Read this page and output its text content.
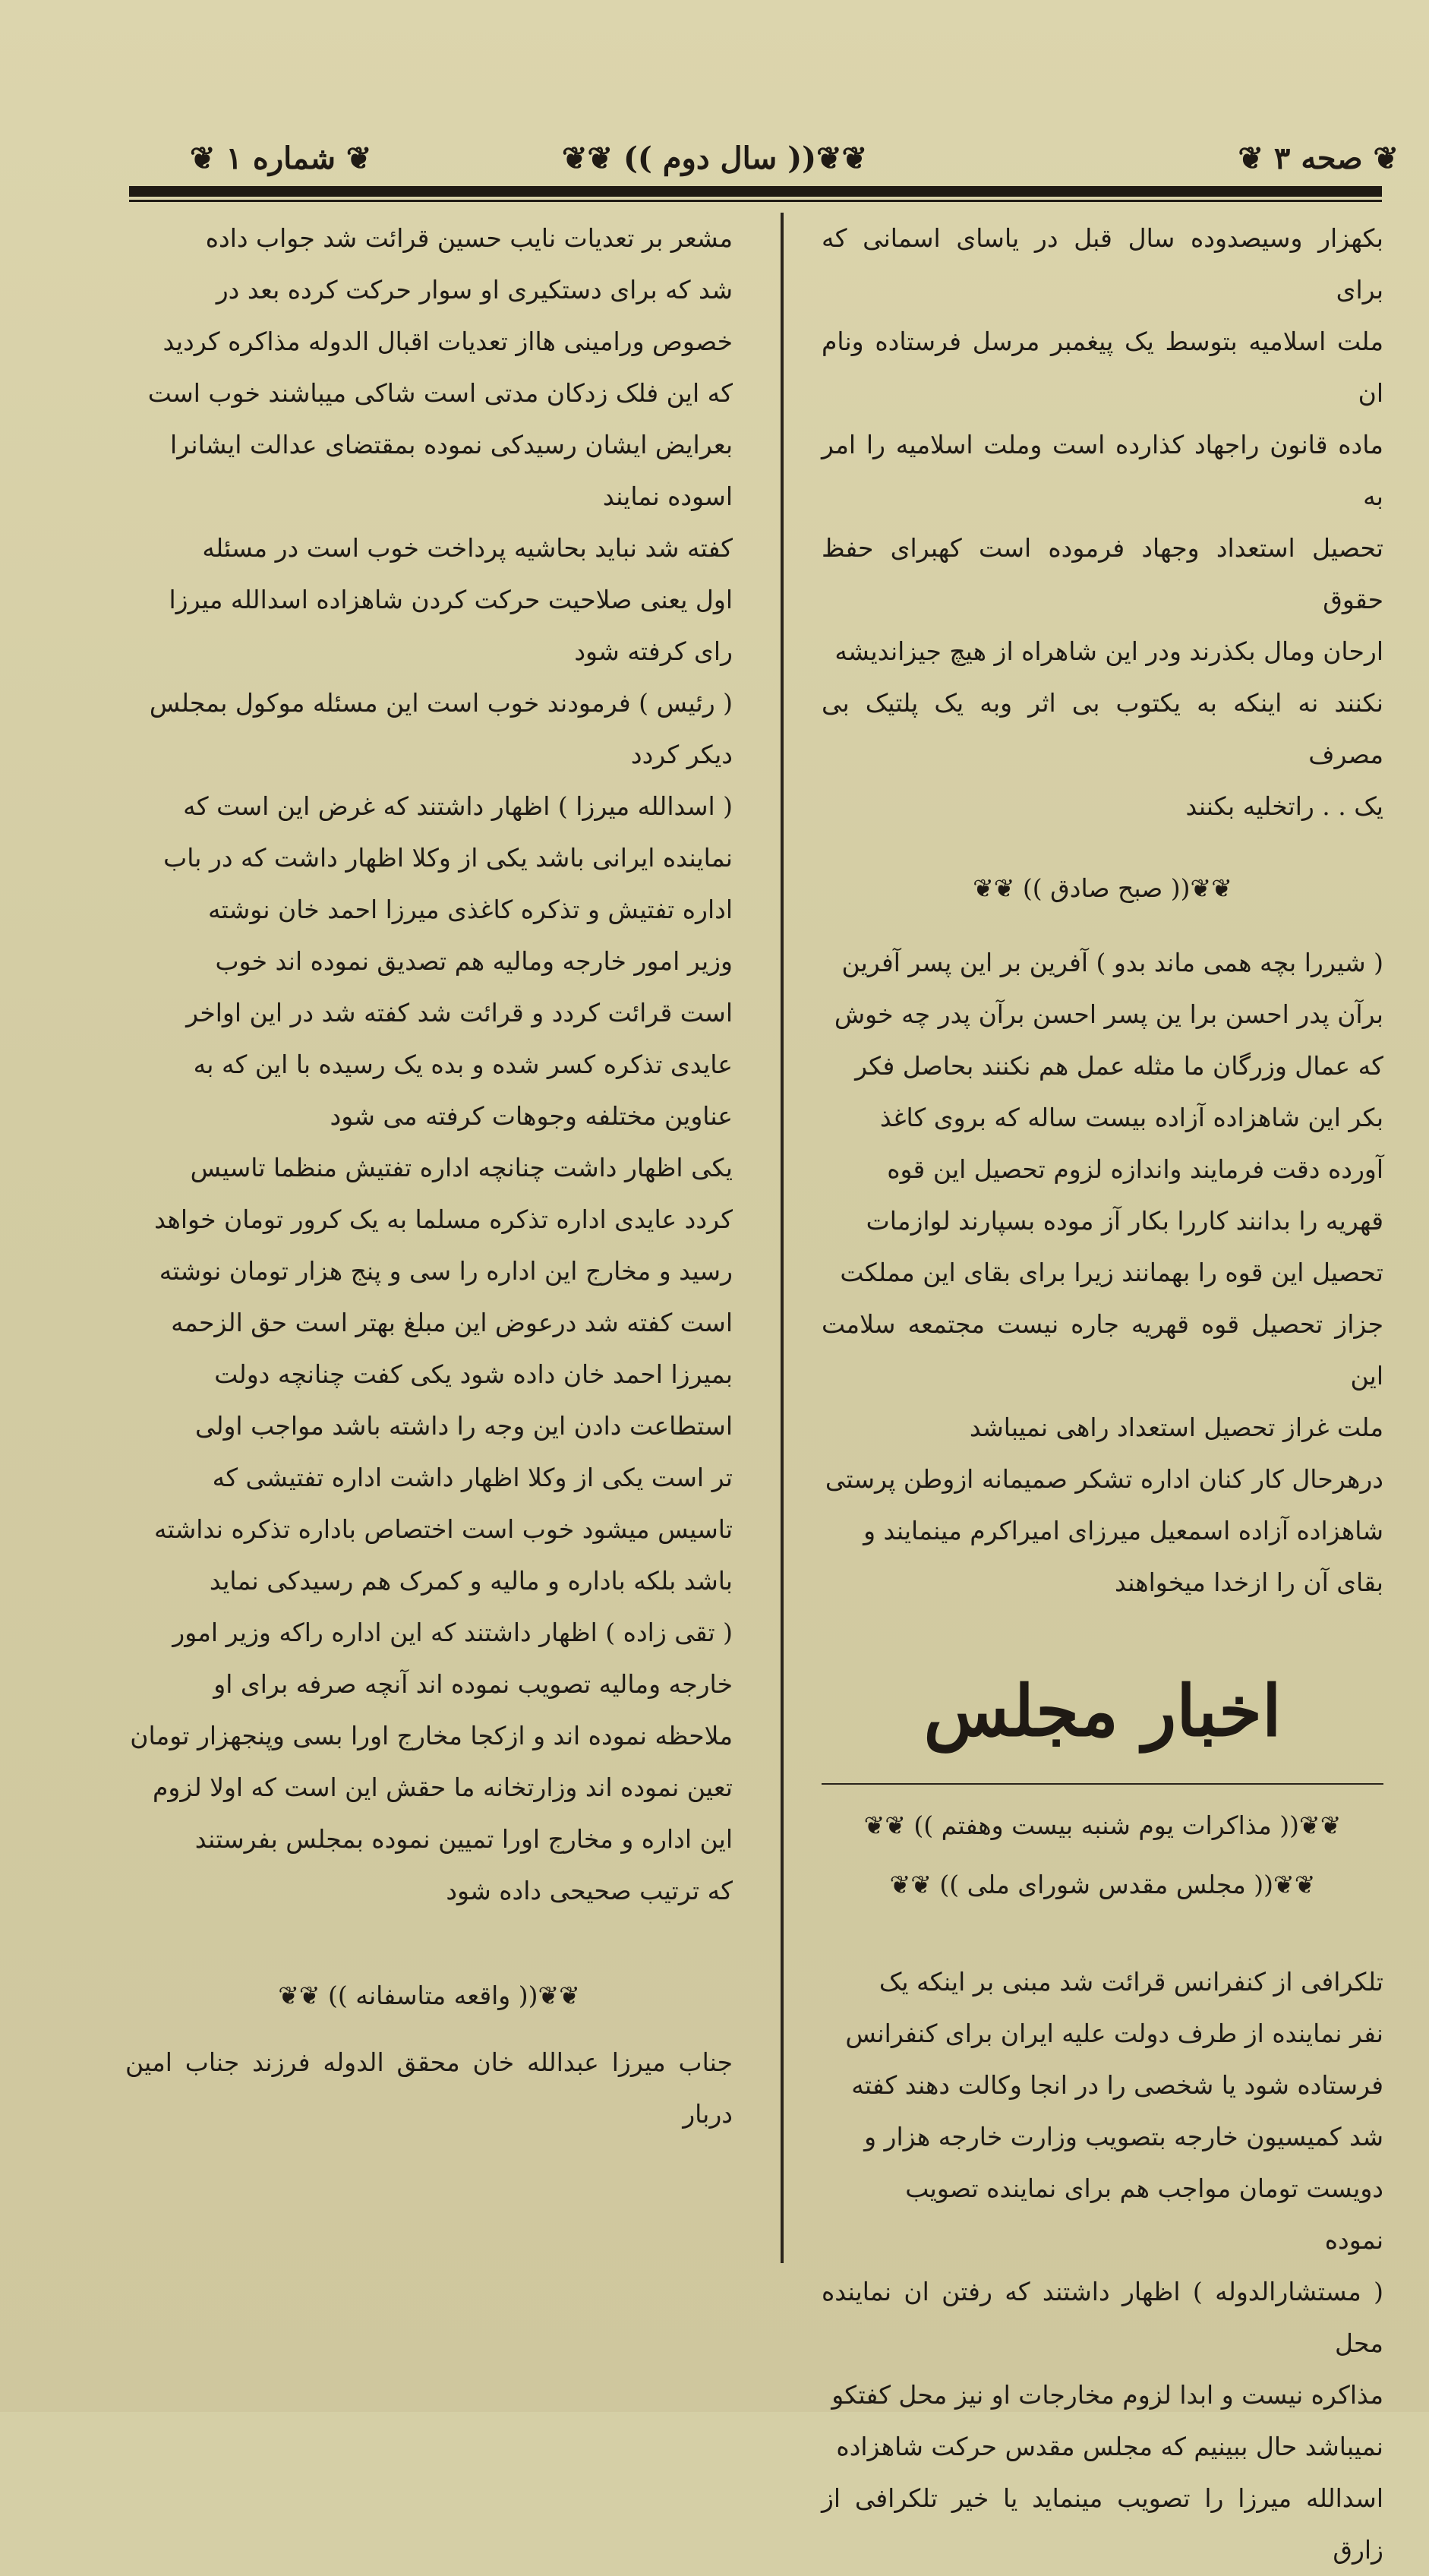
❦ صحه ۳ ❦
❦❦(( سال دوم )) ❦❦
❦ شماره ۱ ❦

بکهزار وسیصدوده سال قبل در یاسای اسمانی که برای

ملت اسلامیه بتوسط یک پیغمبر مرسل فرستاده ونام ان

ماده قانون راجهاد کذارده است وملت اسلامیه را امر به

تحصیل استعداد وجهاد فرموده است کهبرای حفظ حقوق

ارحان ومال بکذرند ودر این شاهراه از هیچ جیزاندیشه

نکنند نه اینکه به یکتوب بی اثر وبه یک پلتیک بی مصرف

یک . . راتخلیه بکنند

❦❦(( صبح صادق )) ❦❦

( شیررا بچه همی ماند بدو ) آفرین بر این پسر آفرین

برآن پدر احسن برا ین پسر احسن برآن پدر چه خوش

که عمال وزرگان ما مثله عمل هم نکنند بحاصل فکر

بکر این شاهزاده آزاده بیست ساله که بروی کاغذ

آورده دقت فرمایند واندازه لزوم تحصیل این قوه

قهریه را بدانند کاررا بکار آز موده بسپارند لوازمات

تحصیل این قوه را بهمانند زیرا برای بقای این مملکت

جزاز تحصیل قوه قهریه جاره نیست مجتمعه سلامت این

ملت غراز تحصیل استعداد راهی نمیباشد

درهرحال کار کنان اداره تشکر صمیمانه ازوطن پرستی

شاهزاده آزاده اسمعیل میرزای امیراکرم مینمایند و

بقای آن را ازخدا میخواهند

اخبار مجلس
❦❦(( مذاکرات یوم شنبه بیست وهفتم )) ❦❦
❦❦(( مجلس مقدس شورای ملی )) ❦❦

تلکرافی از کنفرانس قرائت شد مبنی بر اینکه یک

نفر نماینده از طرف دولت علیه ایران برای کنفرانس

فرستاده شود یا شخصی را در انجا وکالت دهند کفته

شد کمیسیون خارجه بتصویب وزارت خارجه هزار و

دویست تومان مواجب هم برای نماینده تصویب

نموده

( مستشارالدوله ) اظهار داشتند که رفتن ان نماینده محل

مذاکره نیست و ابدا لزوم مخارجات او نیز محل کفتکو

نمیباشد حال ببینیم که مجلس مقدس حرکت شاهزاده

اسدالله میرزا را تصویب مینماید یا خیر تلکرافی از زارق

مشعر بر تعدیات نایب حسین قرائت شد جواب داده

شد که برای دستکیری او سوار حرکت کرده بعد در

خصوص ورامینی هااز تعدیات اقبال الدوله مذاکره کردید

که این فلک زدکان مدتی است شاکی میباشند خوب است

بعرایض ایشان رسیدکی نموده بمقتضای عدالت ایشانرا

اسوده نمایند

کفته شد نباید بحاشیه پرداخت خوب است در مسئله

اول یعنی صلاحیت حرکت کردن شاهزاده اسدالله میرزا

رای کرفته شود

( رئیس ) فرمودند خوب است این مسئله موکول بمجلس

دیکر کردد

( اسدالله میرزا ) اظهار داشتند که غرض این است که

نماینده ایرانی باشد یکی از وکلا اظهار داشت که در باب

اداره تفتیش و تذکره کاغذی میرزا احمد خان نوشته

وزیر امور خارجه ومالیه هم تصدیق نموده اند خوب

است قرائت کردد و قرائت شد کفته شد در این اواخر

عایدی تذکره کسر شده و بده یک رسیده با این که به

عناوین مختلفه وجوهات کرفته می شود

یکی اظهار داشت چنانچه اداره تفتیش منظما تاسیس

کردد عایدی اداره تذکره مسلما به یک کرور تومان خواهد

رسید و مخارج این اداره را سی و پنج هزار تومان نوشته

است کفته شد درعوض این مبلغ بهتر است حق الزحمه

بمیرزا احمد خان داده شود یکی کفت چنانچه دولت

استطاعت دادن این وجه را داشته باشد مواجب اولی

تر است یکی از وکلا اظهار داشت اداره تفتیشی که

تاسیس میشود خوب است اختصاص باداره تذکره نداشته

باشد بلکه باداره و مالیه و کمرک هم رسیدکی نماید

( تقی زاده ) اظهار داشتند که این اداره راکه وزیر امور

خارجه ومالیه تصویب نموده اند آنچه صرفه برای او

ملاحظه نموده اند و ازکجا مخارج اورا بسی وپنجهزار تومان

تعین نموده اند وزارتخانه ما حقش این است که اولا لزوم

این اداره و مخارج اورا تمیین نموده بمجلس بفرستند

که ترتیب صحیحی داده شود

❦❦(( واقعه متاسفانه )) ❦❦

جناب میرزا عبدالله خان محقق الدوله فرزند جناب امین دربار
